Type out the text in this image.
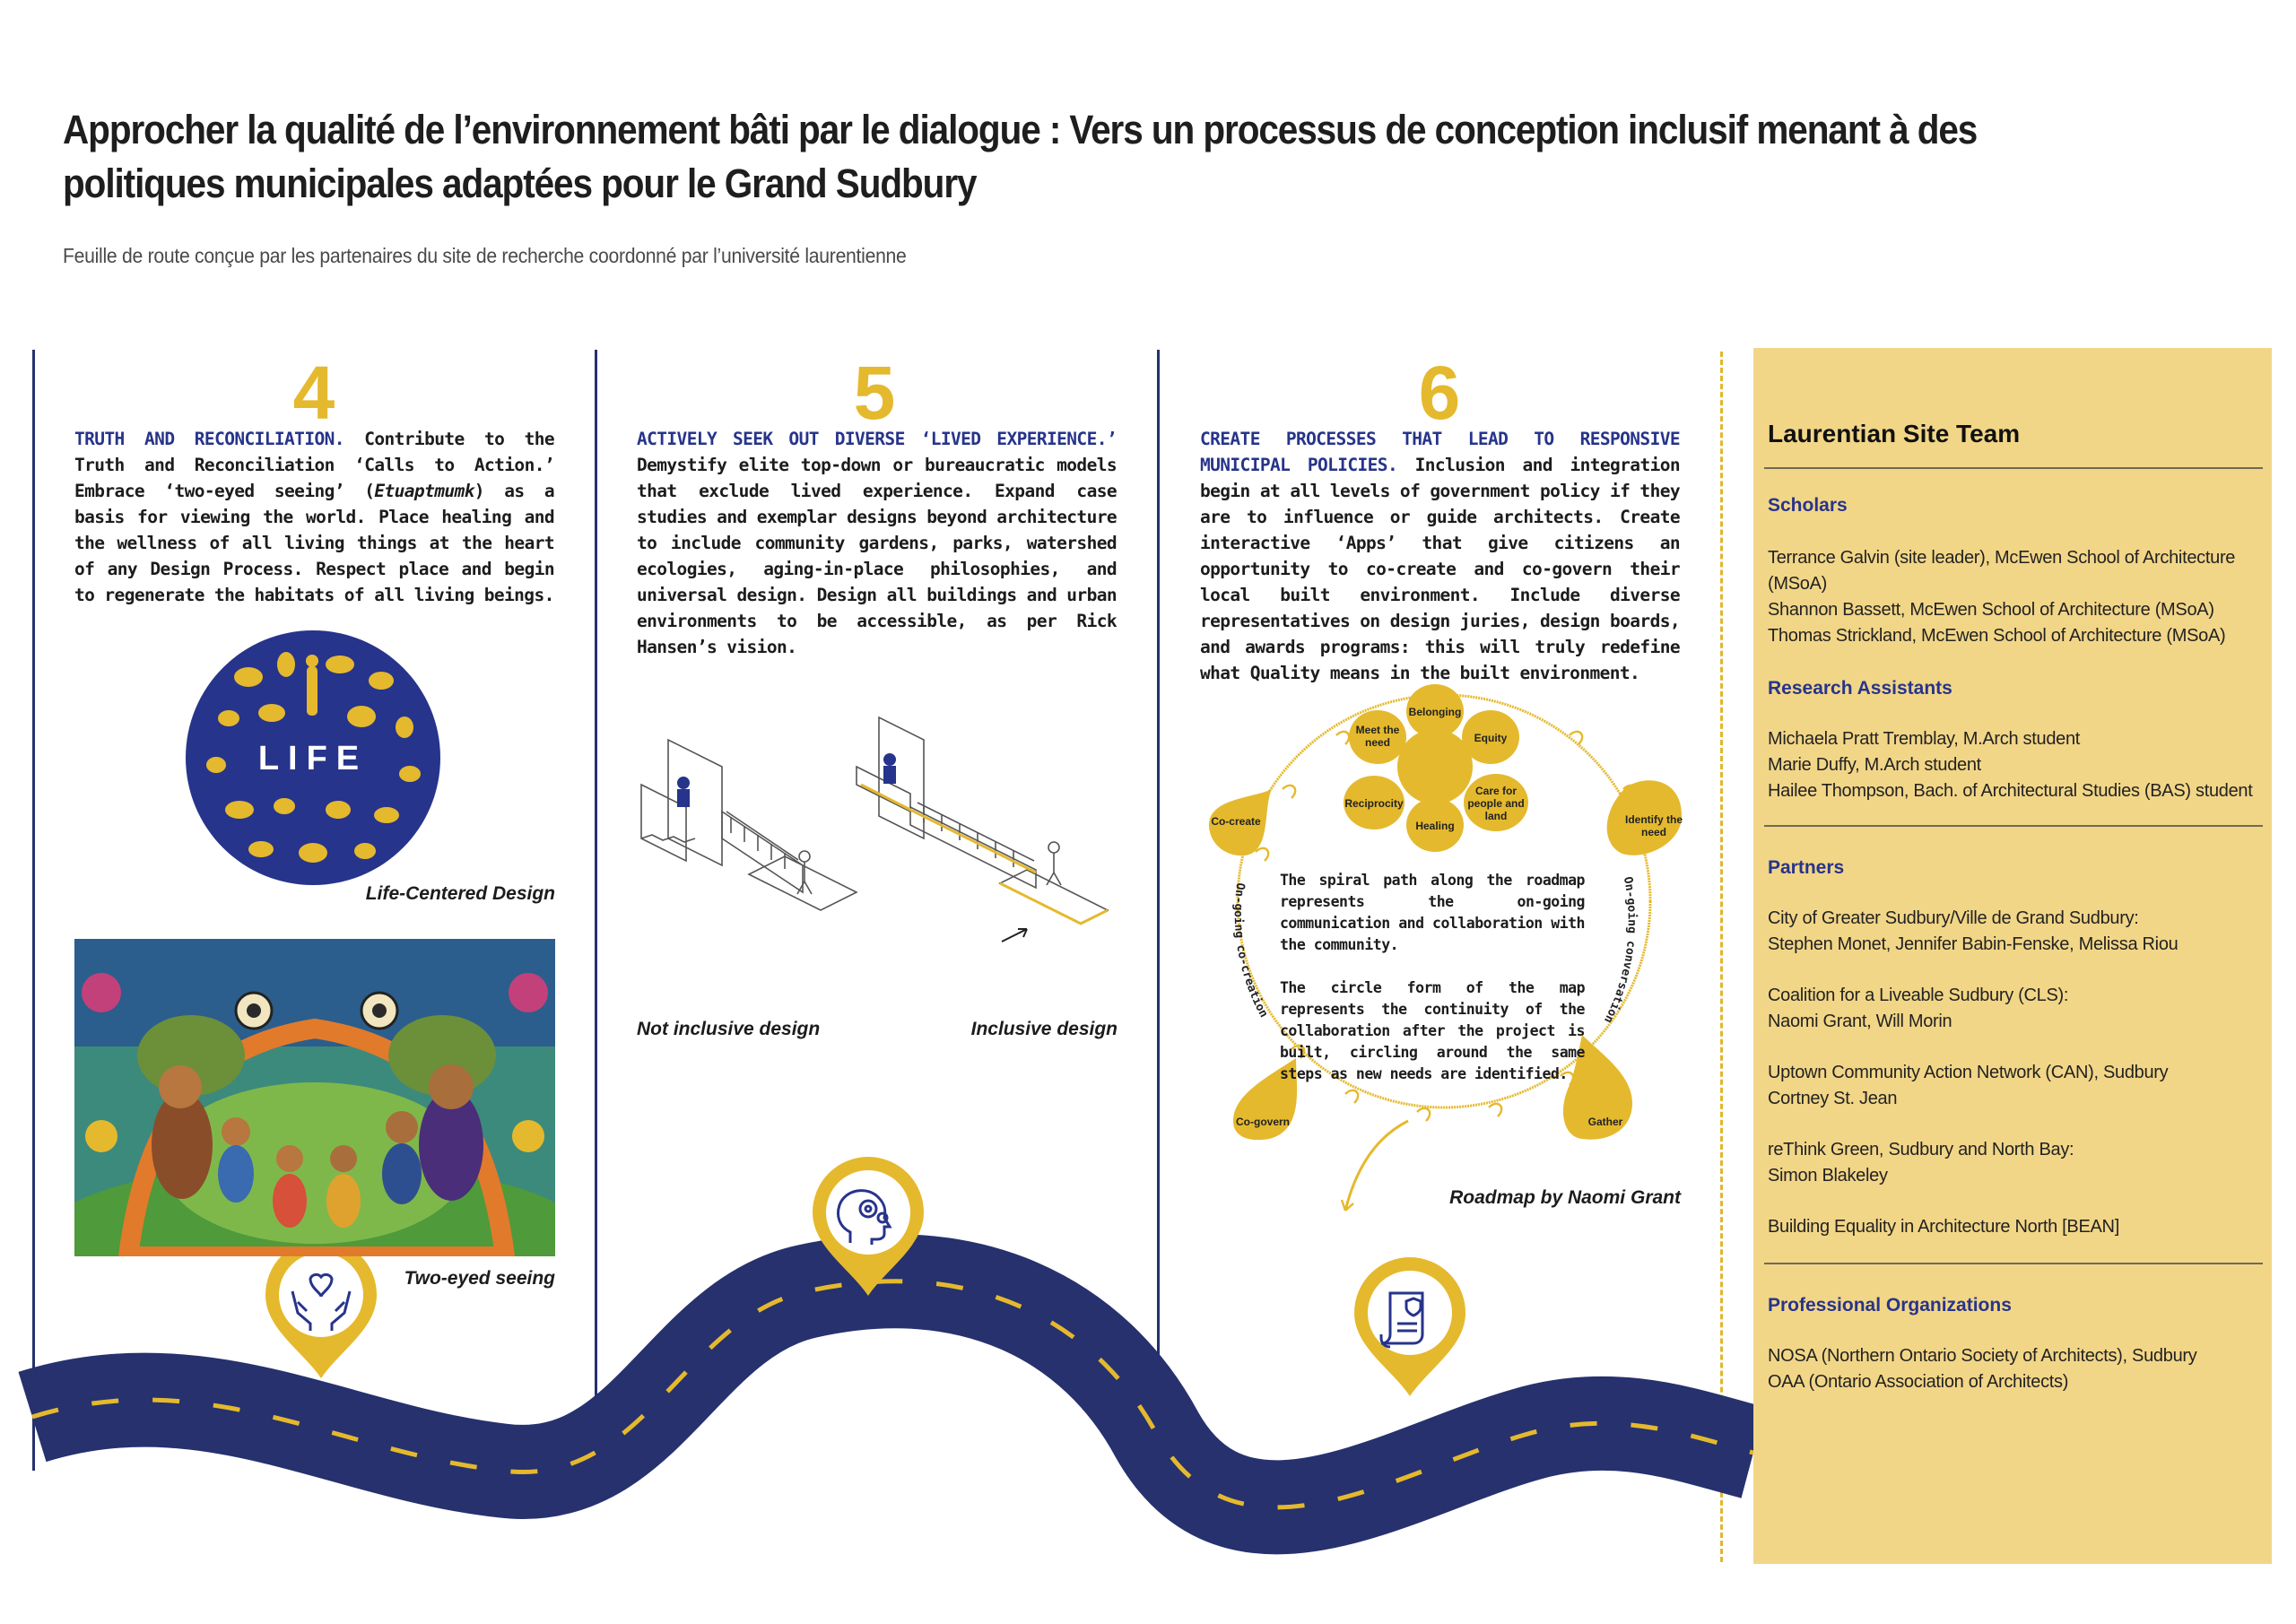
Approcher la qualité de l’environnement bâti par le dialogue : Vers un processus de conception inclusif menant à des politiques municipales adaptées pour le Grand Sudbury
Feuille de route conçue par les partenaires du site de recherche coordonné par l’université laurentienne
4

TRUTH AND RECONCILIATION. Contribute to the Truth and Reconciliation ‘Calls to Action.’ Embrace ‘two-eyed seeing’ (Etuaptmumk) as a basis for viewing the world. Place healing and the wellness of all living things at the heart of any Design Process. Respect place and begin to regenerate the habitats of all living beings.

LIFE
Life-Centered Design
Two-eyed seeing
5

ACTIVELY SEEK OUT DIVERSE ‘LIVED EXPERIENCE.’ Demystify elite top-down or bureaucratic models that exclude lived experience. Expand case studies and exemplar designs beyond architecture to include community gardens, parks, watershed ecologies, aging-in-place philosophies, and universal design. Design all buildings and urban environments to be accessible, as per Rick Hansen’s vision.

Not inclusive design	Inclusive design
6

CREATE PROCESSES THAT LEAD TO RESPONSIVE MUNICIPAL POLICIES. Inclusion and integration begin at all levels of government policy if they are to influence or guide architects. Create interactive ‘Apps’ that give citizens an opportunity to co-create and co-govern their local built environment. Include diverse representatives on design juries, design boards, and awards programs: this will truly redefine what Quality means in the built environment.

Belonging
Equity
Care for people and land
Healing
Reciprocity
Meet the need
Co-create	Identify the need
Co-govern	Gather
On-going co-creation
On-going conversation

The spiral path along the roadmap represents the on-going communication and collaboration with the community.

The circle form of the map represents the continuity of the collaboration after the project is built, circling around the same steps as new needs are identified.

Roadmap by Naomi Grant
Laurentian Site Team
Scholars
Terrance Galvin (site leader), McEwen School of Architecture (MSoA)
Shannon Bassett, McEwen School of Architecture (MSoA)
Thomas Strickland, McEwen School of Architecture (MSoA)
Research Assistants
Michaela Pratt Tremblay, M.Arch student
Marie Duffy, M.Arch student
Hailee Thompson, Bach. of Architectural Studies (BAS) student
Partners
City of Greater Sudbury/Ville de Grand Sudbury:
Stephen Monet, Jennifer Babin-Fenske, Melissa Riou
Coalition for a Liveable Sudbury (CLS):
Naomi Grant, Will Morin
Uptown Community Action Network (CAN), Sudbury
Cortney St. Jean
reThink Green, Sudbury and North Bay:
Simon Blakeley
Building Equality in Architecture North [BEAN]
Professional Organizations
NOSA (Northern Ontario Society of Architects), Sudbury
OAA (Ontario Association of Architects)
